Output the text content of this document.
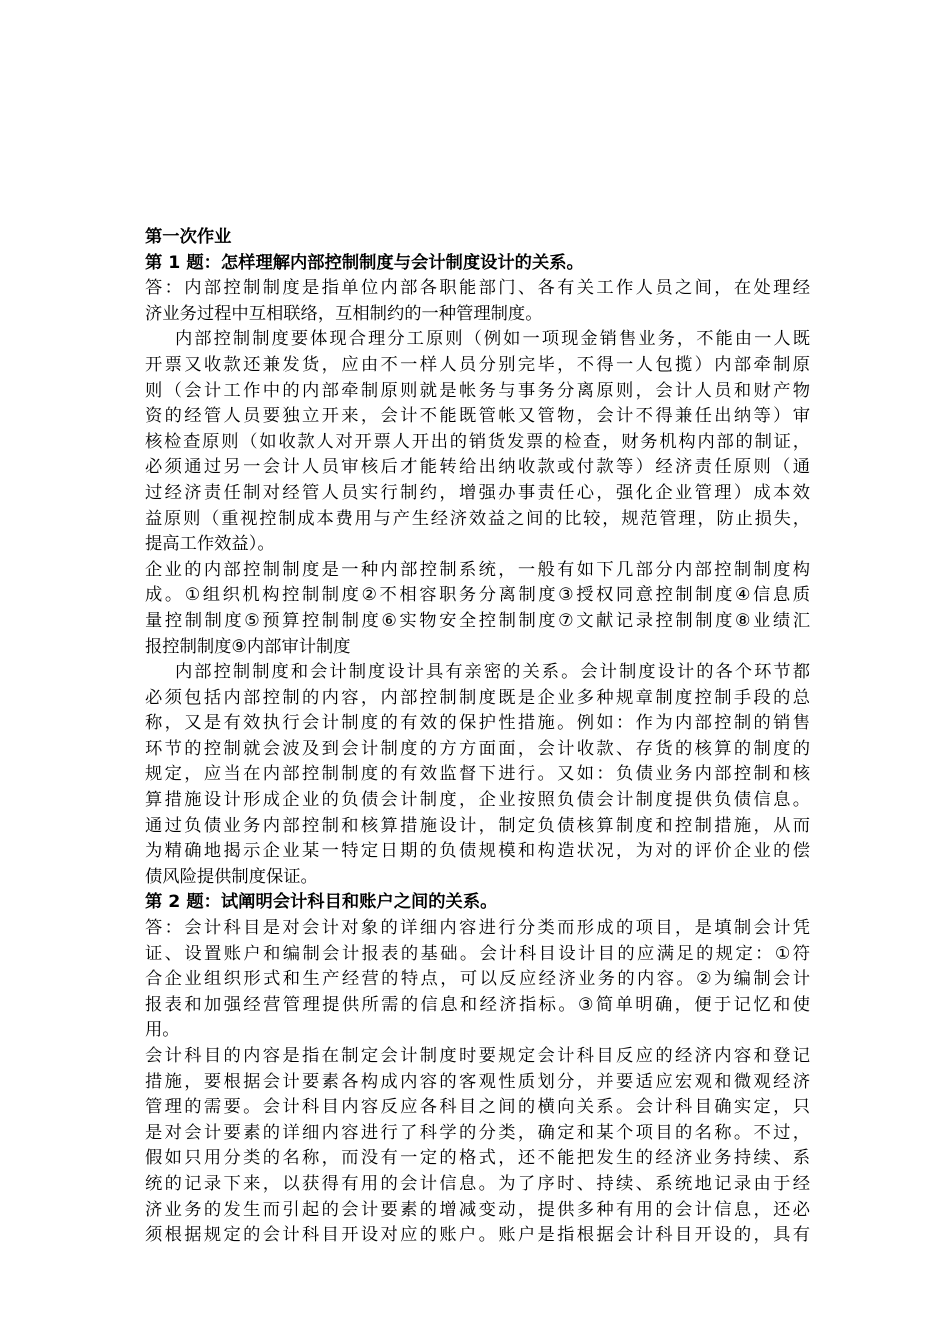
第一次作业
第 1 题：怎样理解内部控制制度与会计制度设计的关系。
答：内部控制制度是指单位内部各职能部门、各有关工作人员之间，在处理经
济业务过程中互相联络，互相制约的一种管理制度。
内部控制制度要体现合理分工原则（例如一项现金销售业务，不能由一人既
开票又收款还兼发货，应由不一样人员分别完毕，不得一人包揽）内部牵制原
则（会计工作中的内部牵制原则就是帐务与事务分离原则，会计人员和财产物
资的经管人员要独立开来，会计不能既管帐又管物，会计不得兼任出纳等）审
核检查原则（如收款人对开票人开出的销货发票的检查，财务机构内部的制证，
必须通过另一会计人员审核后才能转给出纳收款或付款等）经济责任原则（通
过经济责任制对经管人员实行制约，增强办事责任心，强化企业管理）成本效
益原则（重视控制成本费用与产生经济效益之间的比较，规范管理，防止损失，
提高工作效益）。
企业的内部控制制度是一种内部控制系统，一般有如下几部分内部控制制度构
成。①组织机构控制制度②不相容职务分离制度③授权同意控制制度④信息质
量控制制度⑤预算控制制度⑥实物安全控制制度⑦文献记录控制制度⑧业绩汇
报控制制度⑨内部审计制度
内部控制制度和会计制度设计具有亲密的关系。会计制度设计的各个环节都
必须包括内部控制的内容，内部控制制度既是企业多种规章制度控制手段的总
称，又是有效执行会计制度的有效的保护性措施。例如：作为内部控制的销售
环节的控制就会波及到会计制度的方方面面，会计收款、存货的核算的制度的
规定，应当在内部控制制度的有效监督下进行。又如：负债业务内部控制和核
算措施设计形成企业的负债会计制度，企业按照负债会计制度提供负债信息。
通过负债业务内部控制和核算措施设计，制定负债核算制度和控制措施，从而
为精确地揭示企业某一特定日期的负债规模和构造状况，为对的评价企业的偿
债风险提供制度保证。
第 2 题：试阐明会计科目和账户之间的关系。
答：会计科目是对会计对象的详细内容进行分类而形成的项目，是填制会计凭
证、设置账户和编制会计报表的基础。会计科目设计目的应满足的规定：①符
合企业组织形式和生产经营的特点，可以反应经济业务的内容。②为编制会计
报表和加强经营管理提供所需的信息和经济指标。③简单明确，便于记忆和使
用。
会计科目的内容是指在制定会计制度时要规定会计科目反应的经济内容和登记
措施，要根据会计要素各构成内容的客观性质划分，并要适应宏观和微观经济
管理的需要。会计科目内容反应各科目之间的横向关系。会计科目确实定，只
是对会计要素的详细内容进行了科学的分类，确定和某个项目的名称。不过，
假如只用分类的名称，而没有一定的格式，还不能把发生的经济业务持续、系
统的记录下来，以获得有用的会计信息。为了序时、持续、系统地记录由于经
济业务的发生而引起的会计要素的增减变动，提供多种有用的会计信息，还必
须根据规定的会计科目开设对应的账户。账户是指根据会计科目开设的，具有
